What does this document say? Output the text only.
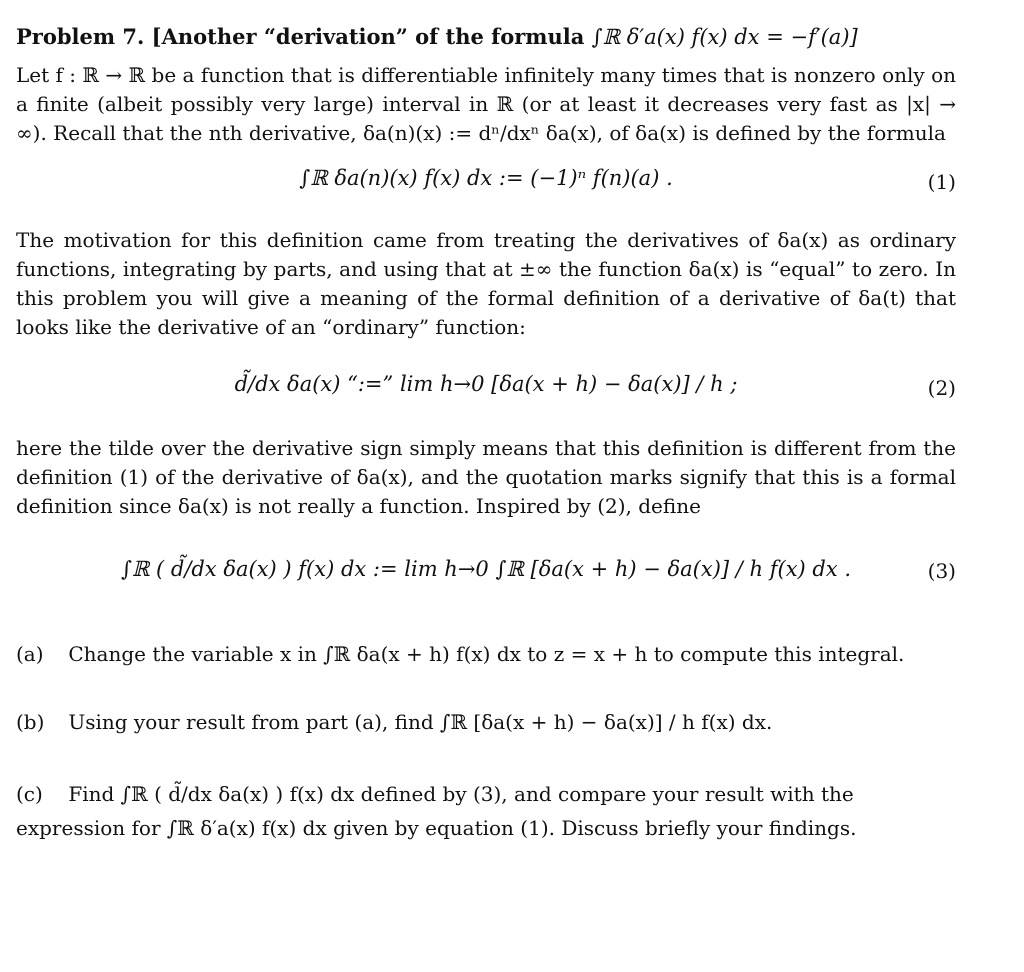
Problem 7. [Another “derivation” of the formula ∫ℝ δ′a(x) f(x) dx = −f′(a)]

Let f : ℝ → ℝ be a function that is differentiable infinitely many times that is nonzero only on a finite (albeit possibly very large) interval in ℝ (or at least it decreases very fast as |x| → ∞). Recall that the nth derivative, δa(n)(x) := dⁿ/dxⁿ δa(x), of δa(x) is defined by the formula

∫ℝ δa(n)(x) f(x) dx := (−1)ⁿ f(n)(a) .	(1)

The motivation for this definition came from treating the derivatives of δa(x) as ordinary functions, integrating by parts, and using that at ±∞ the function δa(x) is “equal” to zero. In this problem you will give a meaning of the formal definition of a derivative of δa(t) that looks like the derivative of an “ordinary” function:

d̃/dx δa(x) “:=” lim h→0 [δa(x + h) − δa(x)] / h ;	(2)

here the tilde over the derivative sign simply means that this definition is different from the definition (1) of the derivative of δa(x), and the quotation marks signify that this is a formal definition since δa(x) is not really a function. Inspired by (2), define

∫ℝ ( d̃/dx δa(x) ) f(x) dx := lim h→0 ∫ℝ [δa(x + h) − δa(x)] / h f(x) dx .	(3)
(a) Change the variable x in ∫ℝ δa(x + h) f(x) dx to z = x + h to compute this integral.
(b) Using your result from part (a), find ∫ℝ [δa(x + h) − δa(x)] / h f(x) dx.
(c) Find ∫ℝ ( d̃/dx δa(x) ) f(x) dx defined by (3), and compare your result with the expression for ∫ℝ δ′a(x) f(x) dx given by equation (1). Discuss briefly your findings.
